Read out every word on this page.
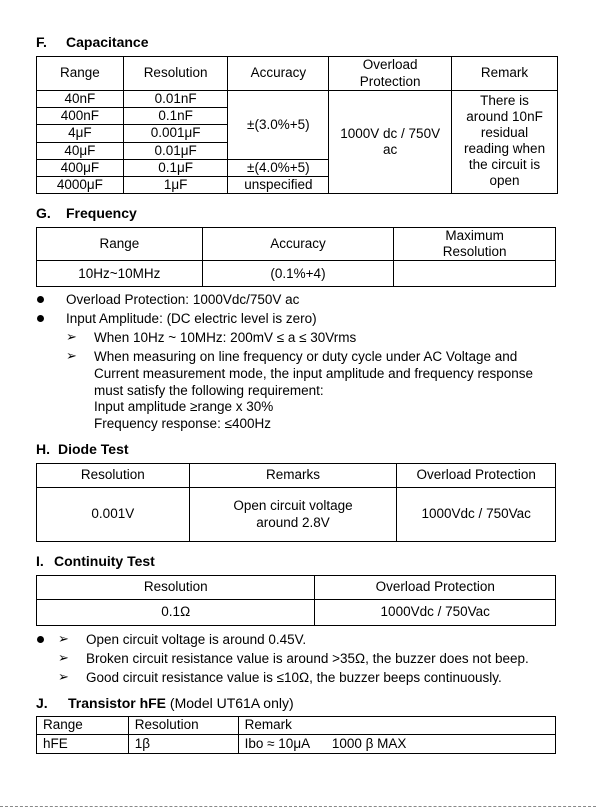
F. Capacitance
Range	Resolution	Accuracy	Overload Protection	Remark
40nF	0.01nF	±(3.0%+5)	1000V dc / 750V ac	There is around 10nF residual reading when the circuit is open

400nF	0.1nF			
4μF	0.001μF			
40μF	0.01μF			
400μF	0.1μF	±(4.0%+5)		
4000μF	1μF	unspecified		
G. Frequency
Range	Accuracy	Maximum Resolution

10Hz~10MHz	(0.1%+4)	
Overload Protection: 1000Vdc/750V ac
Input Amplitude: (DC electric level is zero)
➢ When 10Hz ~ 10MHz: 200mV ≤ a ≤ 30Vrms
➢ When measuring on line frequency or duty cycle under AC Voltage and
Current measurement mode, the input amplitude and frequency response
must satisfy the following requirement:
Input amplitude ≥range x 30%
Frequency response: ≤400Hz
H. Diode Test
Resolution	Remarks	Overload Protection
0.001V	Open circuit voltage around 2.8V	1000Vdc / 750Vac
I. Continuity Test
Resolution	Overload Protection
0.1Ω	1000Vdc / 750Vac
➢ Open circuit voltage is around 0.45V.
➢ Broken circuit resistance value is around >35Ω, the buzzer does not beep.
➢ Good circuit resistance value is ≤10Ω, the buzzer beeps continuously.
J. Transistor hFE (Model UT61A only)
Range	Resolution	Remark
hFE	1β	Ibo ≈ 10μA      1000 β MAX
